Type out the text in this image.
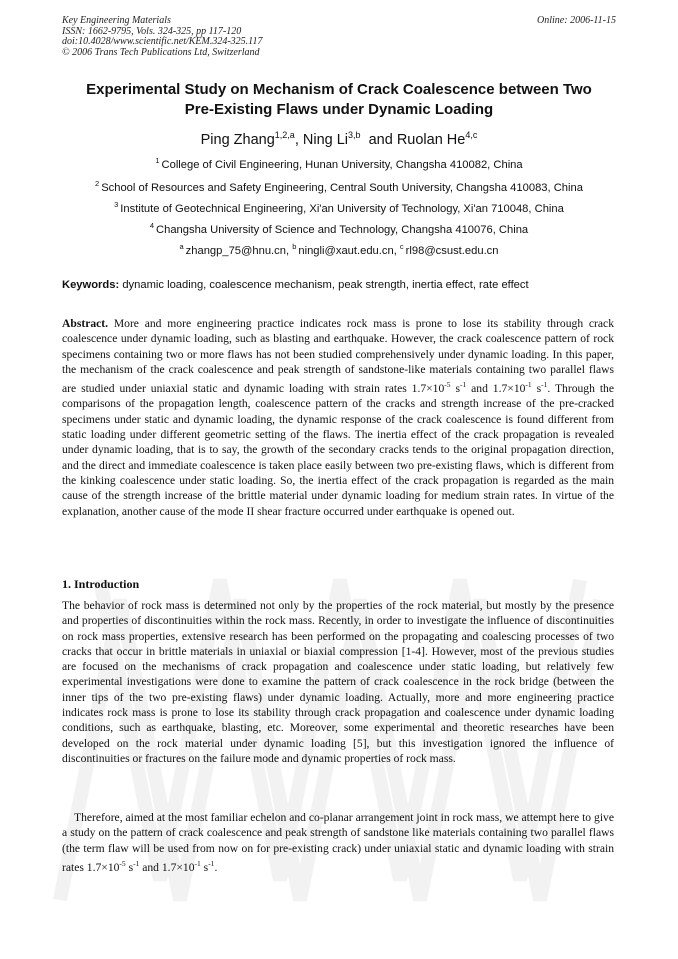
Key Engineering Materials
ISSN: 1662-9795, Vols. 324-325, pp 117-120
doi:10.4028/www.scientific.net/KEM.324-325.117
© 2006 Trans Tech Publications Ltd, Switzerland
Online: 2006-11-15
Experimental Study on Mechanism of Crack Coalescence between Two
Pre-Existing Flaws under Dynamic Loading
Ping Zhang$^{1,2,a}$, Ning Li$^{3,b}$  and Ruolan He$^{4,c}$
$^1$ College of Civil Engineering, Hunan University, Changsha 410082, China
$^2$ School of Resources and Safety Engineering, Central South University, Changsha 410083, China
$^3$ Institute of Geotechnical Engineering, Xi'an University of Technology, Xi'an 710048, China
$^4$ Changsha University of Science and Technology, Changsha 410076, China
$^a$ zhangp_75@hnu.cn, $^b$ ningli@xaut.edu.cn, $^c$ rl98@csust.edu.cn
Keywords: dynamic loading, coalescence mechanism, peak strength, inertia effect, rate effect
Abstract. More and more engineering practice indicates rock mass is prone to lose its stability through crack coalescence under dynamic loading, such as blasting and earthquake. However, the crack coalescence pattern of rock specimens containing two or more flaws has not been studied comprehensively under dynamic loading. In this paper, the mechanism of the crack coalescence and peak strength of sandstone-like materials containing two parallel flaws are studied under uniaxial static and dynamic loading with strain rates $1.7\times 10^{-5}$ $s^{-1}$ and $1.7\times 10^{-1}$ $s^{-1}$. Through the comparisons of the propagation length, coalescence pattern of the cracks and strength increase of the pre-cracked specimens under static and dynamic loading, the dynamic response of the crack coalescence is found different from static loading under different geometric setting of the flaws. The inertia effect of the crack propagation is revealed under dynamic loading, that is to say, the growth of the secondary cracks tends to the original propagation direction, and the direct and immediate coalescence is taken place easily between two pre-existing flaws, which is different from the kinking coalescence under static loading. So, the inertia effect of the crack propagation is regarded as the main cause of the strength increase of the brittle material under dynamic loading for medium strain rates. In virtue of the explanation, another cause of the mode II shear fracture occurred under earthquake is opened out.
1. Introduction
The behavior of rock mass is determined not only by the properties of the rock material, but mostly by the presence and properties of discontinuities within the rock mass. Recently, in order to investigate the influence of discontinuities on rock mass properties, extensive research has been performed on the propagating and coalescing processes of two cracks that occur in brittle materials in uniaxial or biaxial compression [1-4]. However, most of the previous studies are focused on the mechanisms of crack propagation and coalescence under static loading, but relatively few experimental investigations were done to examine the pattern of crack coalescence in the rock bridge (between the inner tips of the two pre-existing flaws) under dynamic loading. Actually, more and more engineering practice indicates rock mass is prone to lose its stability through crack propagation and coalescence under dynamic loading conditions, such as earthquake, blasting, etc. Moreover, some experimental and theoretic researches have been developed on the rock material under dynamic loading [5], but this investigation ignored the influence of discontinuities or fractures on the failure mode and dynamic properties of rock mass.
Therefore, aimed at the most familiar echelon and co-planar arrangement joint in rock mass, we attempt here to give a study on the pattern of crack coalescence and peak strength of sandstone like materials containing two parallel flaws (the term flaw will be used from now on for pre-existing crack) under uniaxial static and dynamic loading with strain rates $1.7\times 10^{-5}$ $s^{-1}$ and $1.7\times 10^{-1}$ $s^{-1}$.
